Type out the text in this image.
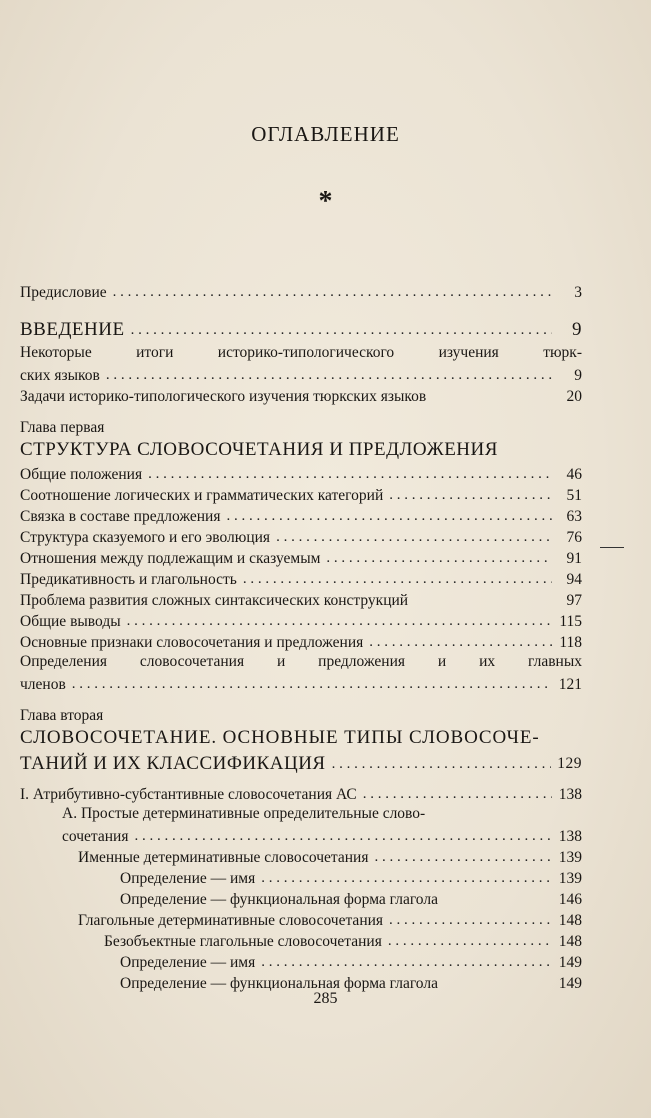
ОГЛАВЛЕНИЕ
*
Предисловие . . .	3
ВВЕДЕНИЕ . . .	9
Некоторые итоги историко-типологического изучения тюрк-
ских языков . . .	9
Задачи историко-типологического изучения тюркских языков	20
Глава первая
СТРУКТУРА СЛОВОСОЧЕТАНИЯ И ПРЕДЛОЖЕНИЯ
Общие положения . . .	46
Соотношение логических и грамматических категорий . . .	51
Связка в составе предложения . . .	63
Структура сказуемого и его эволюция . . .	76
Отношения между подлежащим и сказуемым . . .	91
Предикативность и глагольность . . .	94
Проблема развития сложных синтаксических конструкций	97
Общие выводы . . .	115
Основные признаки словосочетания и предложения . . .	118
Определения словосочетания и предложения и их главных
членов . . .	121
Глава вторая
СЛОВОСОЧЕТАНИЕ. ОСНОВНЫЕ ТИПЫ СЛОВОСОЧЕ-
ТАНИЙ И ИХ КЛАССИФИКАЦИЯ . . .	129
I. Атрибутивно-субстантивные словосочетания АС . . .	138
А. Простые детерминативные определительные слово-
сочетания . . .	138
Именные детерминативные словосочетания . . .	139
Определение — имя . . .	139
Определение — функциональная форма глагола	146
Глагольные детерминативные словосочетания . . .	148
Безобъектные глагольные словосочетания . . .	148
Определение — имя . . .	149
Определение — функциональная форма глагола	149
285
